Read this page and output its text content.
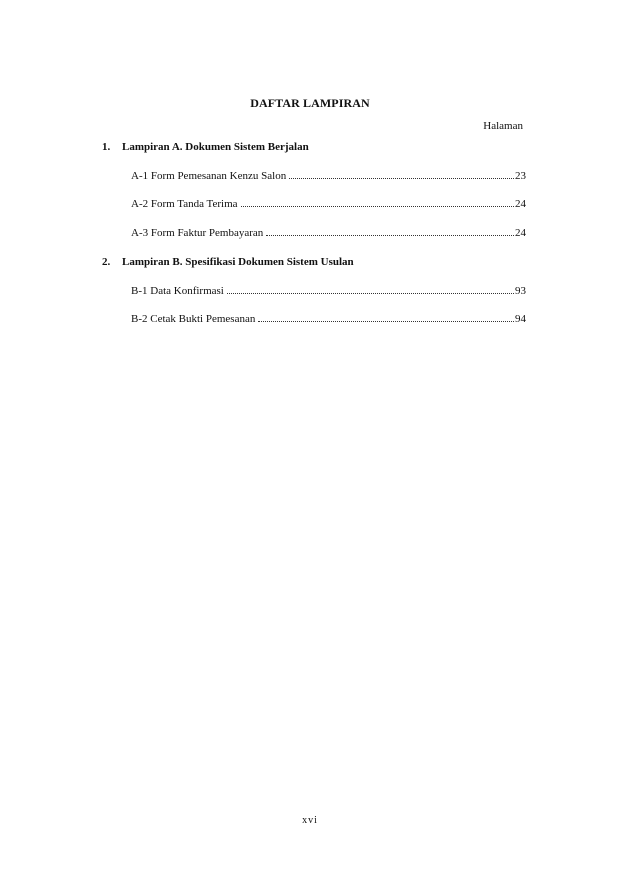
DAFTAR LAMPIRAN
Halaman
1. Lampiran A. Dokumen Sistem Berjalan
A-1 Form Pemesanan Kenzu Salon	23
A-2 Form Tanda Terima	24
A-3 Form Faktur Pembayaran	24
2. Lampiran B. Spesifikasi Dokumen Sistem Usulan
B-1 Data Konfirmasi	93
B-2 Cetak Bukti Pemesanan	94
xvi
